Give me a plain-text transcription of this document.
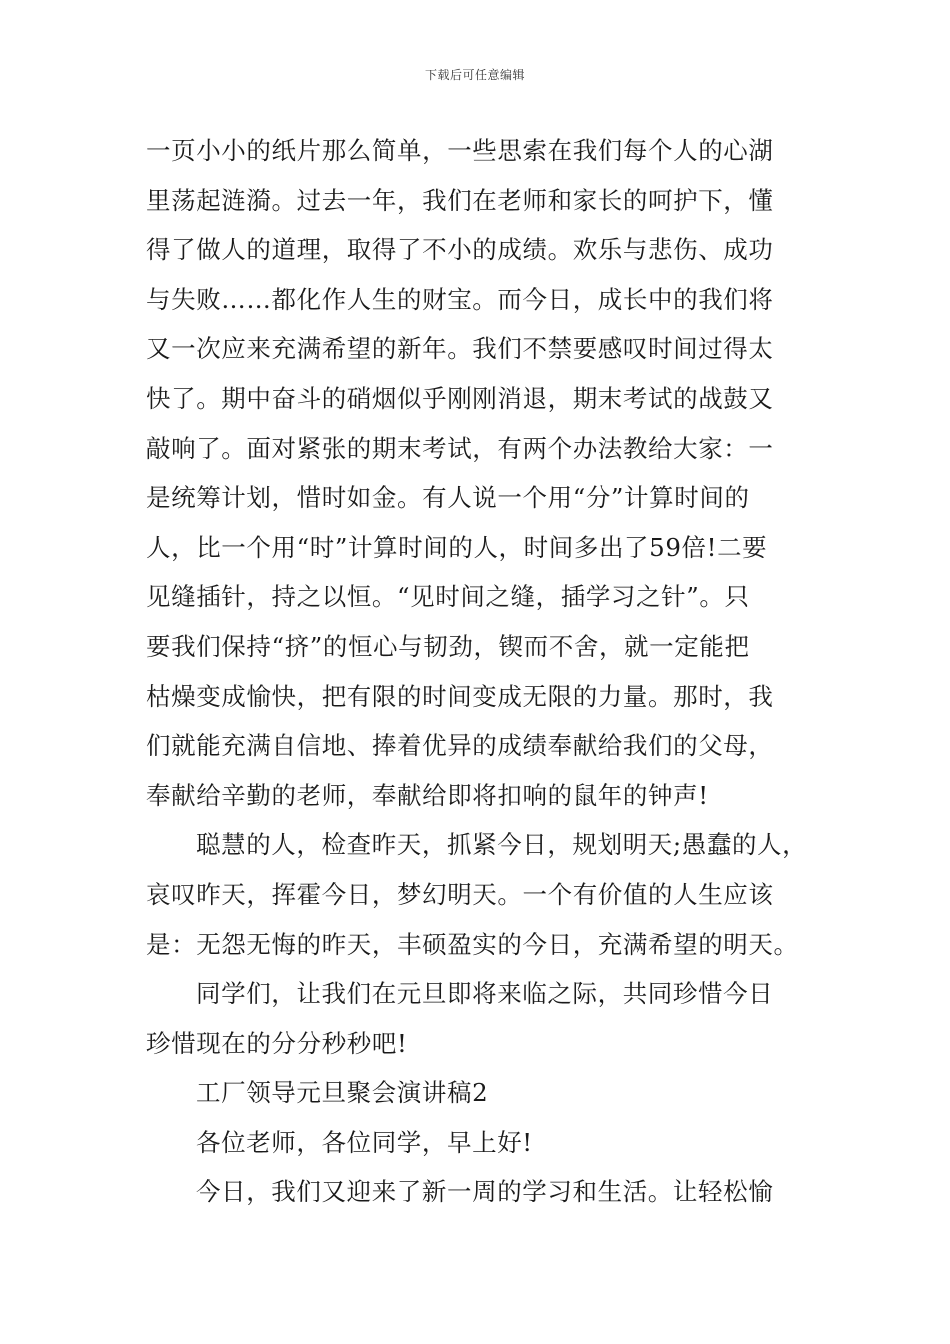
下载后可任意编辑
一页小小的纸片那么简单，一些思索在我们每个人的心湖
里荡起涟漪。过去一年，我们在老师和家长的呵护下，懂
得了做人的道理，取得了不小的成绩。欢乐与悲伤、成功
与失败……都化作人生的财宝。而今日，成长中的我们将
又一次应来充满希望的新年。我们不禁要感叹时间过得太
快了。期中奋斗的硝烟似乎刚刚消退，期末考试的战鼓又
敲响了。面对紧张的期末考试，有两个办法教给大家：一
是统筹计划，惜时如金。有人说一个用“分”计算时间的
人，比一个用“时”计算时间的人，时间多出了59倍!二要
见缝插针，持之以恒。“见时间之缝，插学习之针”。只
要我们保持“挤”的恒心与韧劲，锲而不舍，就一定能把
枯燥变成愉快，把有限的时间变成无限的力量。那时，我
们就能充满自信地、捧着优异的成绩奉献给我们的父母，
奉献给辛勤的老师，奉献给即将扣响的鼠年的钟声!
聪慧的人，检查昨天，抓紧今日，规划明天;愚蠢的人，
哀叹昨天，挥霍今日，梦幻明天。一个有价值的人生应该
是：无怨无悔的昨天，丰硕盈实的今日，充满希望的明天。
同学们，让我们在元旦即将来临之际，共同珍惜今日
珍惜现在的分分秒秒吧!
工厂领导元旦聚会演讲稿2
各位老师，各位同学，早上好!
今日，我们又迎来了新一周的学习和生活。让轻松愉
